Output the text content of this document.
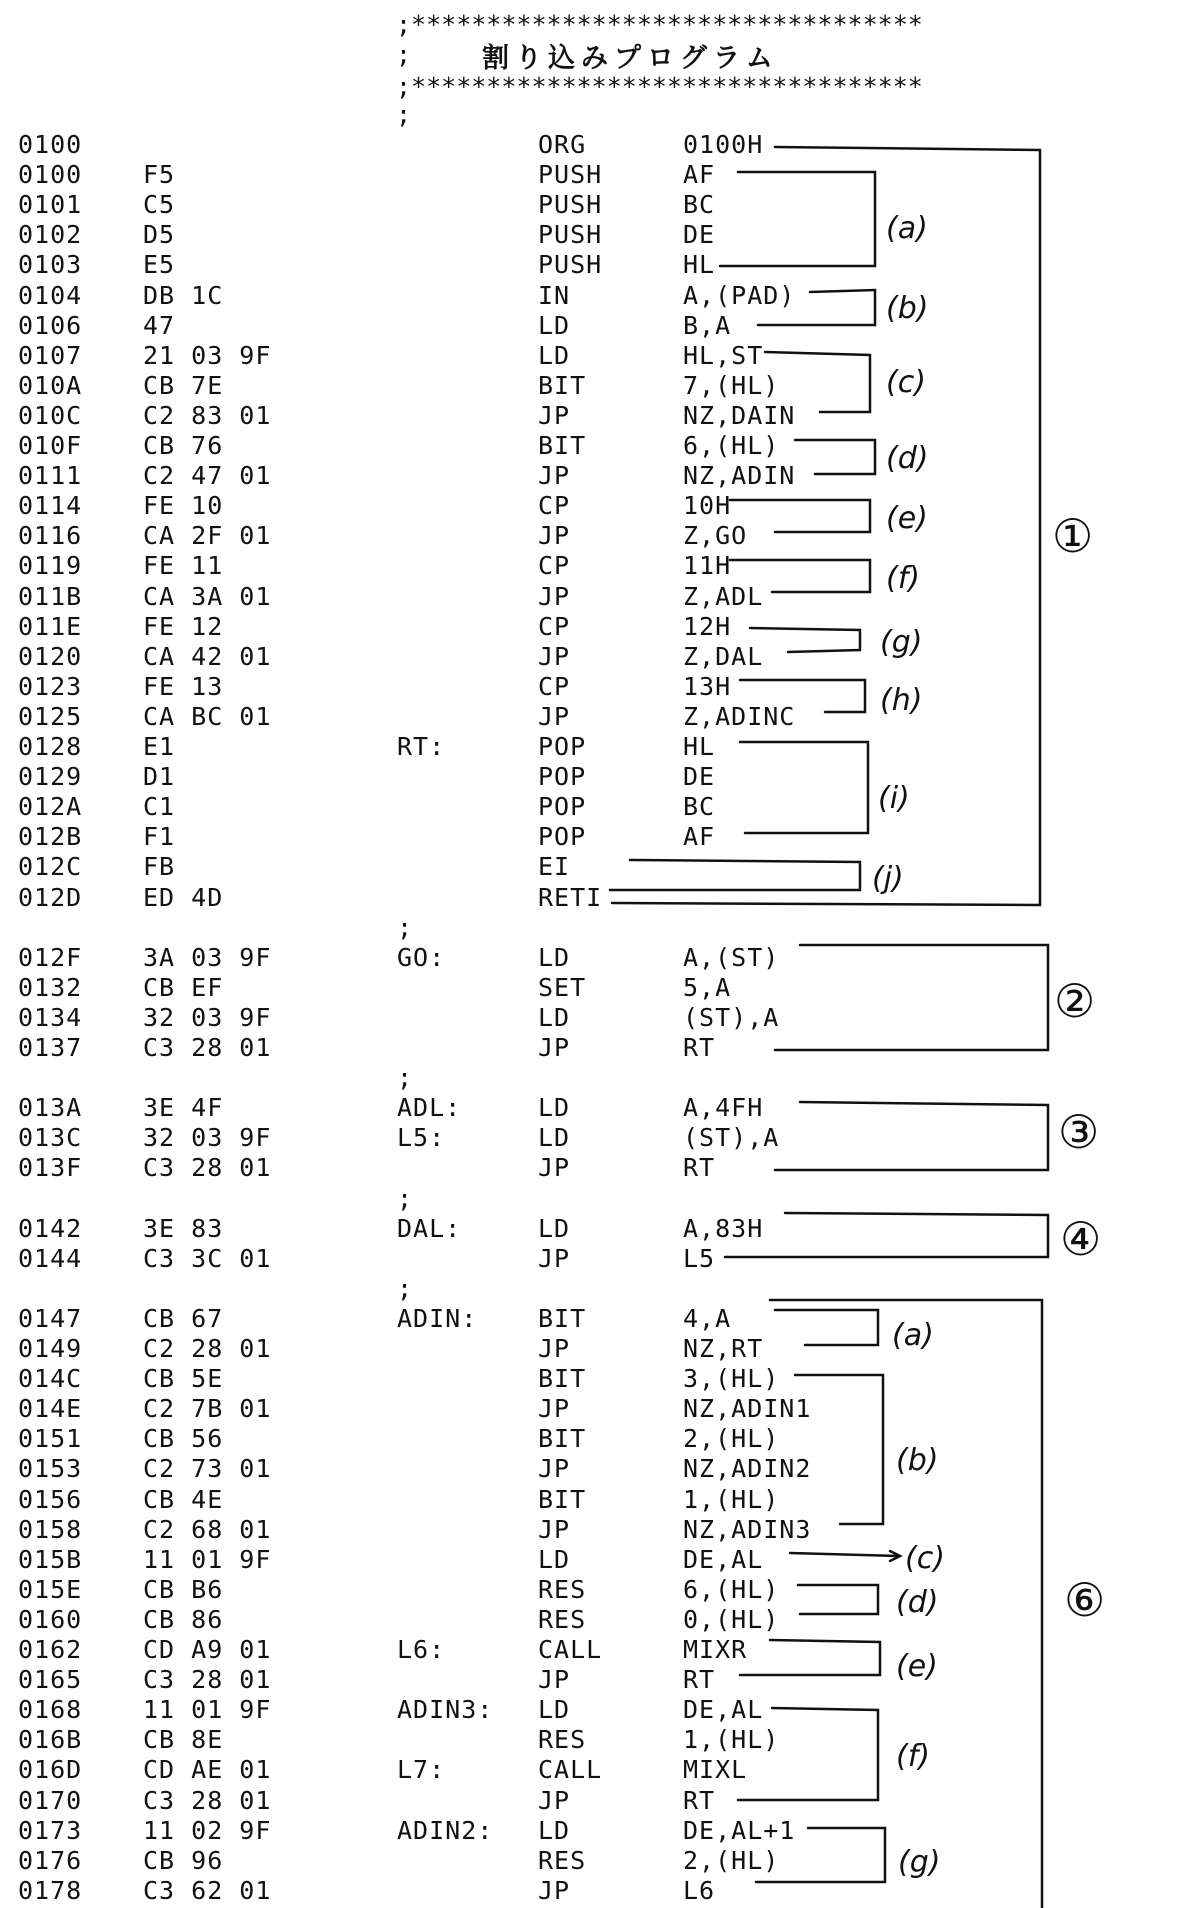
;**********************************
;	割り込みプログラム
;**********************************
;
0100	ORG	0100H
0100 F5	PUSH	AF
0101 C5	PUSH	BC
0102 D5	PUSH	DE
0103 E5	PUSH	HL
0104 DB 1C	IN	A,(PAD)
0106 47	LD	B,A
0107 21 03 9F	LD	HL,ST
010A CB 7E	BIT	7,(HL)
010C C2 83 01	JP	NZ,DAIN
010F CB 76	BIT	6,(HL)
0111 C2 47 01	JP	NZ,ADIN
0114 FE 10	CP	10H
0116 CA 2F 01	JP	Z,GO
0119 FE 11	CP	11H
011B CA 3A 01	JP	Z,ADL
011E FE 12	CP	12H
0120 CA 42 01	JP	Z,DAL
0123 FE 13	CP	13H
0125 CA BC 01	JP	Z,ADINC
0128 E1	RT:	POP	HL
0129 D1	POP	DE
012A C1	POP	BC
012B F1	POP	AF
012C FB	EI
012D ED 4D	RETI
;
012F 3A 03 9F	GO:	LD	A,(ST)
0132 CB EF	SET	5,A
0134 32 03 9F	LD	(ST),A
0137 C3 28 01	JP	RT
;
013A 3E 4F	ADL:	LD	A,4FH
013C 32 03 9F	L5:	LD	(ST),A
013F C3 28 01	JP	RT
;
0142 3E 83	DAL:	LD	A,83H
0144 C3 3C 01	JP	L5
;
0147 CB 67	ADIN: BIT	4,A
0149 C2 28 01	JP	NZ,RT
014C CB 5E	BIT	3,(HL)
014E C2 7B 01	JP	NZ,ADIN1
0151 CB 56	BIT	2,(HL)
0153 C2 73 01	JP	NZ,ADIN2
0156 CB 4E	BIT	1,(HL)
0158 C2 68 01	JP	NZ,ADIN3
015B 11 01 9F	LD	DE,AL
015E CB B6	RES	6,(HL)
0160 CB 86	RES	0,(HL)
0162 CD A9 01	L6:	CALL	MIXR
0165 C3 28 01	JP	RT
0168 11 01 9F	ADIN3: LD	DE,AL
016B CB 8E	RES	1,(HL)
016D CD AE 01	L7:	CALL	MIXL
0170 C3 28 01	JP	RT
0173 11 02 9F	ADIN2: LD	DE,AL+1
0176 CB 96	RES	2,(HL)
0178 C3 62 01	JP	L6
(a)
(b)
(c)
(d)
(e)
(f)
(g)
(h)
(i)
(j)
(a)
(b)
(c)
(d)
(e)
(f)
(g)
①
②
③
④
⑥
